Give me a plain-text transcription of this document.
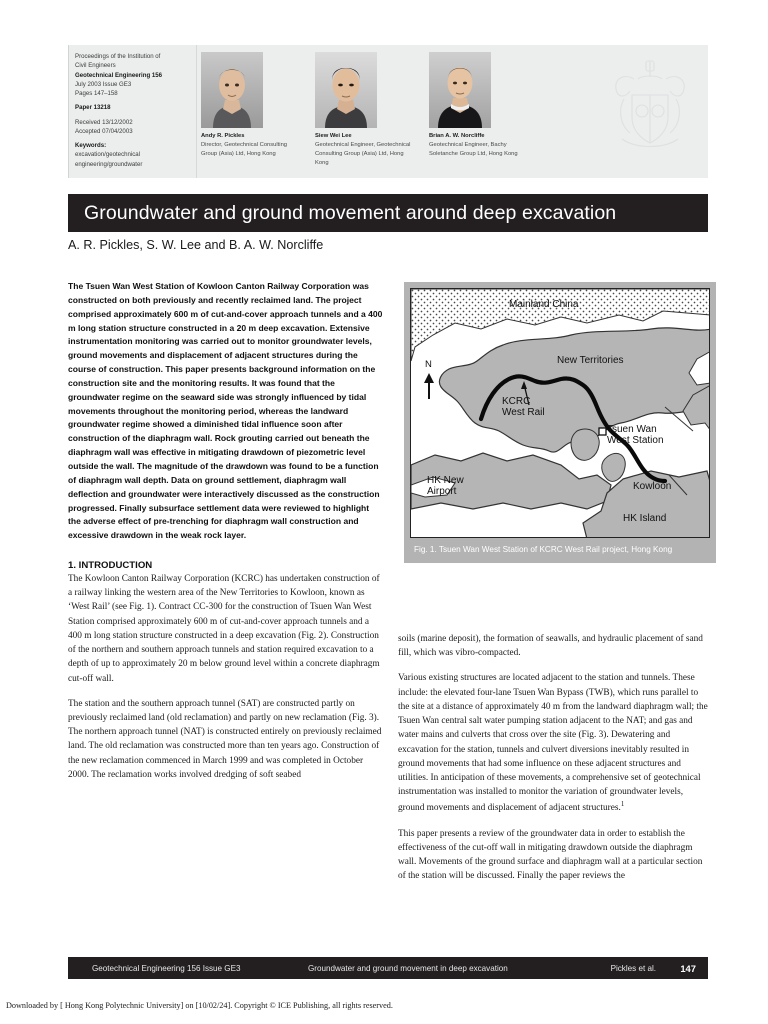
Proceedings of the Institution of
Civil Engineers
Geotechnical Engineering 156
July 2003 Issue GE3
Pages 147–158
Paper 13218
Received 13/12/2002
Accepted 07/04/2003
Keywords:
excavation/geotechnical engineering/groundwater
Andy R. Pickles
Director, Geotechnical Consulting Group (Asia) Ltd, Hong Kong
Siew Wei Lee
Geotechnical Engineer, Geotechnical Consulting Group (Asia) Ltd, Hong Kong
Brian A. W. Norcliffe
Geotechnical Engineer, Bachy Soletanche Group Ltd, Hong Kong
Groundwater and ground movement around deep excavation
A. R. Pickles, S. W. Lee and B. A. W. Norcliffe
The Tsuen Wan West Station of Kowloon Canton Railway Corporation was constructed on both previously and recently reclaimed land. The project comprised approximately 600 m of cut-and-cover approach tunnels and a 400 m long station structure constructed in a 20 m deep excavation. Extensive instrumentation monitoring was carried out to monitor groundwater levels, ground movements and displacement of adjacent structures during the course of construction. This paper presents background information on the construction site and the monitoring results. It was found that the groundwater regime on the seaward side was strongly influenced by tidal movements throughout the monitoring period, whereas the landward groundwater regime showed a diminished tidal influence soon after construction of the diaphragm wall. Rock grouting carried out beneath the diaphragm wall was effective in mitigating drawdown of piezometric level outside the wall. The magnitude of the drawdown was found to be a function of diaphragm wall depth. Data on ground settlement, diaphragm wall deflection and groundwater were interactively discussed as the construction progressed. Finally subsurface settlement data were reviewed to highlight the adverse effect of pre-trenching for diaphragm wall construction and excessive drawdown in the weak rock layer.
1. INTRODUCTION

The Kowloon Canton Railway Corporation (KCRC) has undertaken construction of a railway linking the western area of the New Territories to Kowloon, known as ‘West Rail’ (see Fig. 1). Contract CC-300 for the construction of Tsuen Wan West Station comprised approximately 600 m of cut-and-cover approach tunnels and a 400 m long station structure constructed in a deep excavation (Fig. 2). Construction of the northern and southern approach tunnels and station required excavation to a depth of up to approximately 20 m below ground level within a concrete diaphragm cut-off wall.

The station and the southern approach tunnel (SAT) are constructed partly on previously reclaimed land (old reclamation) and partly on new reclamation (Fig. 3). The northern approach tunnel (NAT) is constructed entirely on previously reclaimed land. The old reclamation was constructed more than ten years ago. Construction of the new reclamation commenced in March 1999 and was completed in October 2000. The reclamation works involved dredging of soft seabed

soils (marine deposit), the formation of seawalls, and hydraulic placement of sand fill, which was vibro-compacted.

Various existing structures are located adjacent to the station and tunnels. These include: the elevated four-lane Tsuen Wan Bypass (TWB), which runs parallel to the site at a distance of approximately 40 m from the landward diaphragm wall; the Tsuen Wan central salt water pumping station adjacent to the NAT; and gas and water mains and culverts that cross over the site (Fig. 3). Dewatering and excavation for the station, tunnels and culvert diversions inevitably resulted in ground movements that had some influence on these adjacent structures and utilities. In anticipation of these movements, a comprehensive set of geotechnical instrumentation was installed to monitor the variation of groundwater levels, ground movements and displacement of adjacent structures.$^1$

This paper presents a review of the groundwater data in order to establish the effectiveness of the cut-off wall in mitigating drawdown outside the diaphragm wall. Movements of the ground surface and diaphragm wall at a particular section of the station will be discussed. Finally the paper reviews the

N
Mainland China
New Territories
KCRC
West Rail
Tsuen Wan
West Station
Kowloon
HK Island
HK New
Airport
Fig. 1. Tsuen Wan West Station of KCRC West Rail project, Hong Kong
Geotechnical Engineering 156 Issue GE3	Groundwater and ground movement in deep excavation	Pickles et al.	147
Downloaded by [ Hong Kong Polytechnic University] on [10/02/24]. Copyright © ICE Publishing, all rights reserved.
